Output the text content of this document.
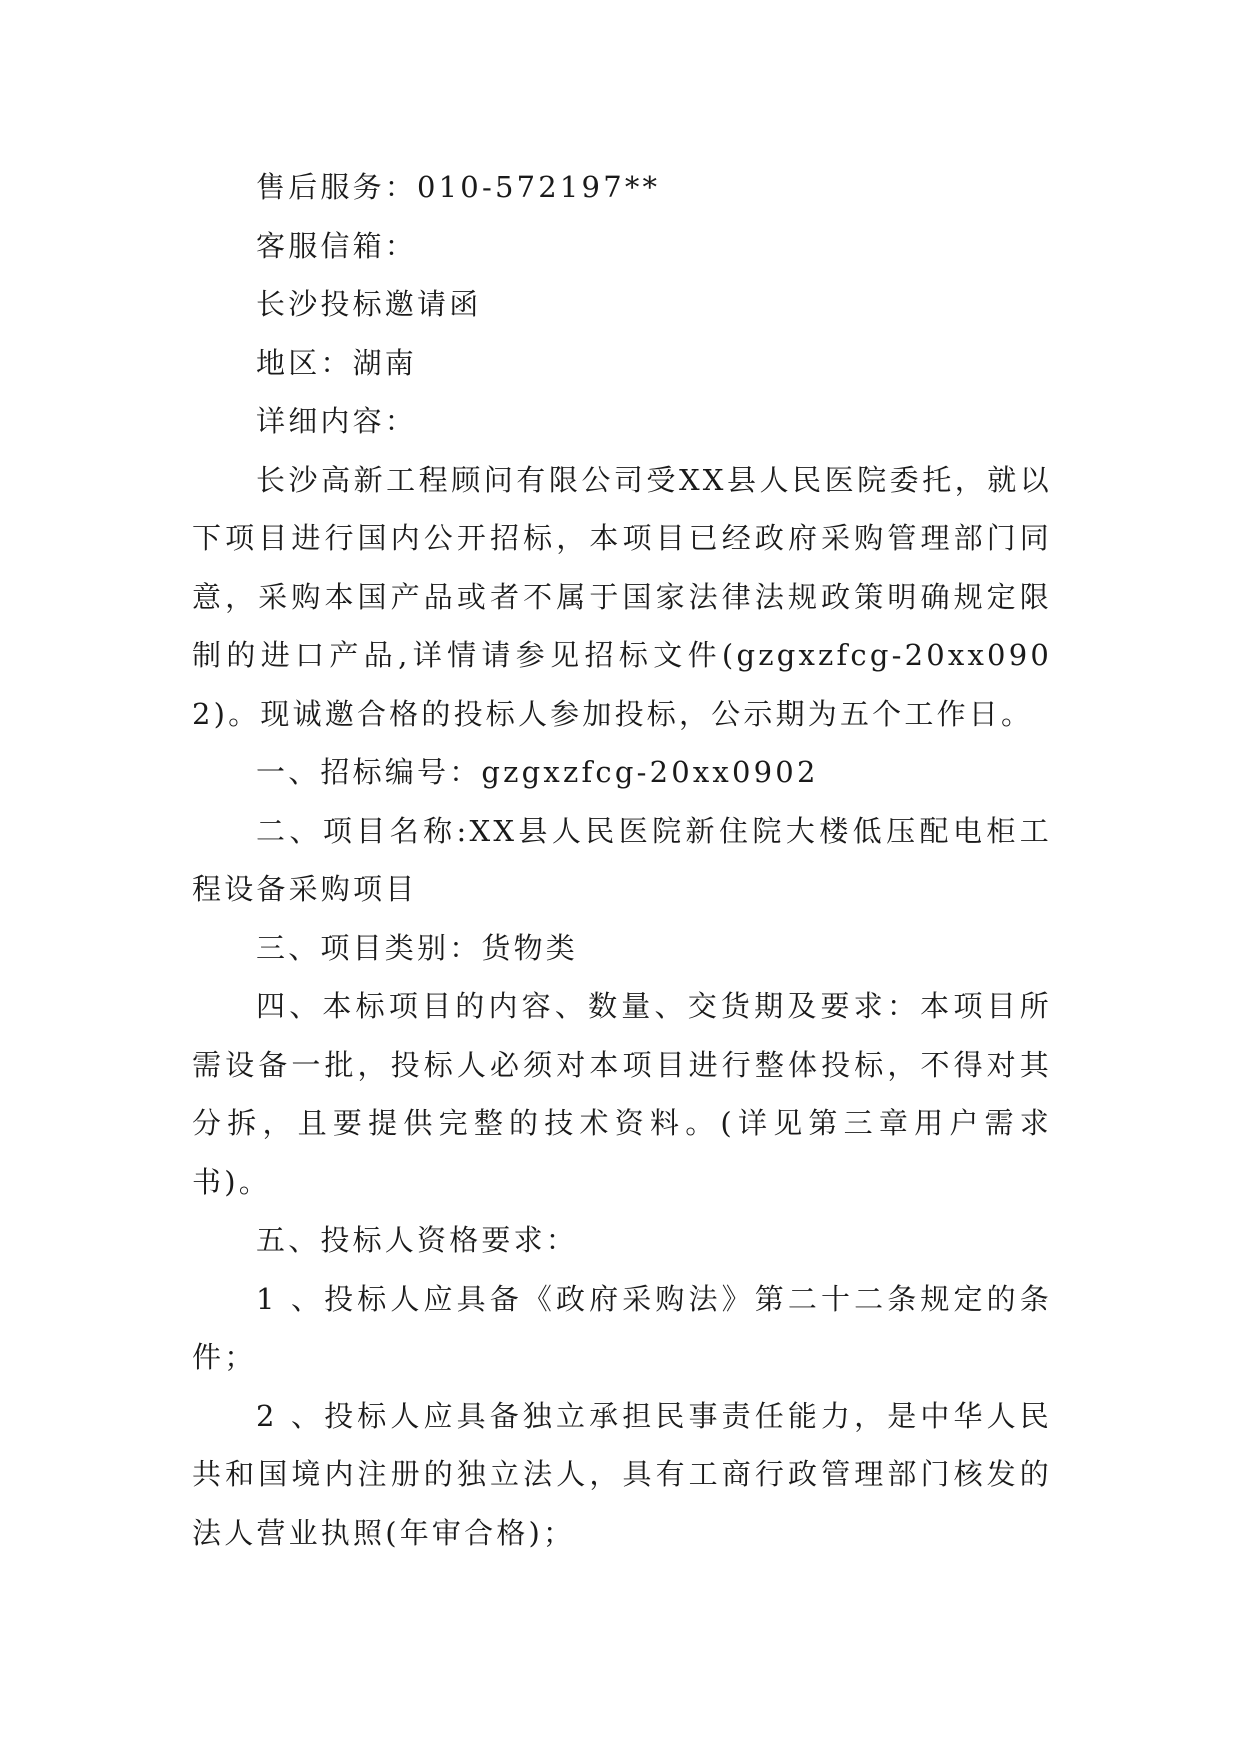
售后服务：010-572197**

客服信箱：

长沙投标邀请函

地区：湖南

详细内容：

长沙高新工程顾问有限公司受XX县人民医院委托，就以下项目进行国内公开招标，本项目已经政府采购管理部门同意，采购本国产品或者不属于国家法律法规政策明确规定限制的进口产品,详情请参见招标文件(gzgxzfcg-20xx0902)。现诚邀合格的投标人参加投标，公示期为五个工作日。

一、招标编号：gzgxzfcg-20xx0902

二、项目名称:XX县人民医院新住院大楼低压配电柜工程设备采购项目

三、项目类别：货物类

四、本标项目的内容、数量、交货期及要求：本项目所需设备一批，投标人必须对本项目进行整体投标，不得对其分拆，且要提供完整的技术资料。(详见第三章用户需求书)。

五、投标人资格要求：

1 、投标人应具备《政府采购法》第二十二条规定的条件；

2 、投标人应具备独立承担民事责任能力，是中华人民共和国境内注册的独立法人，具有工商行政管理部门核发的法人营业执照(年审合格)；
